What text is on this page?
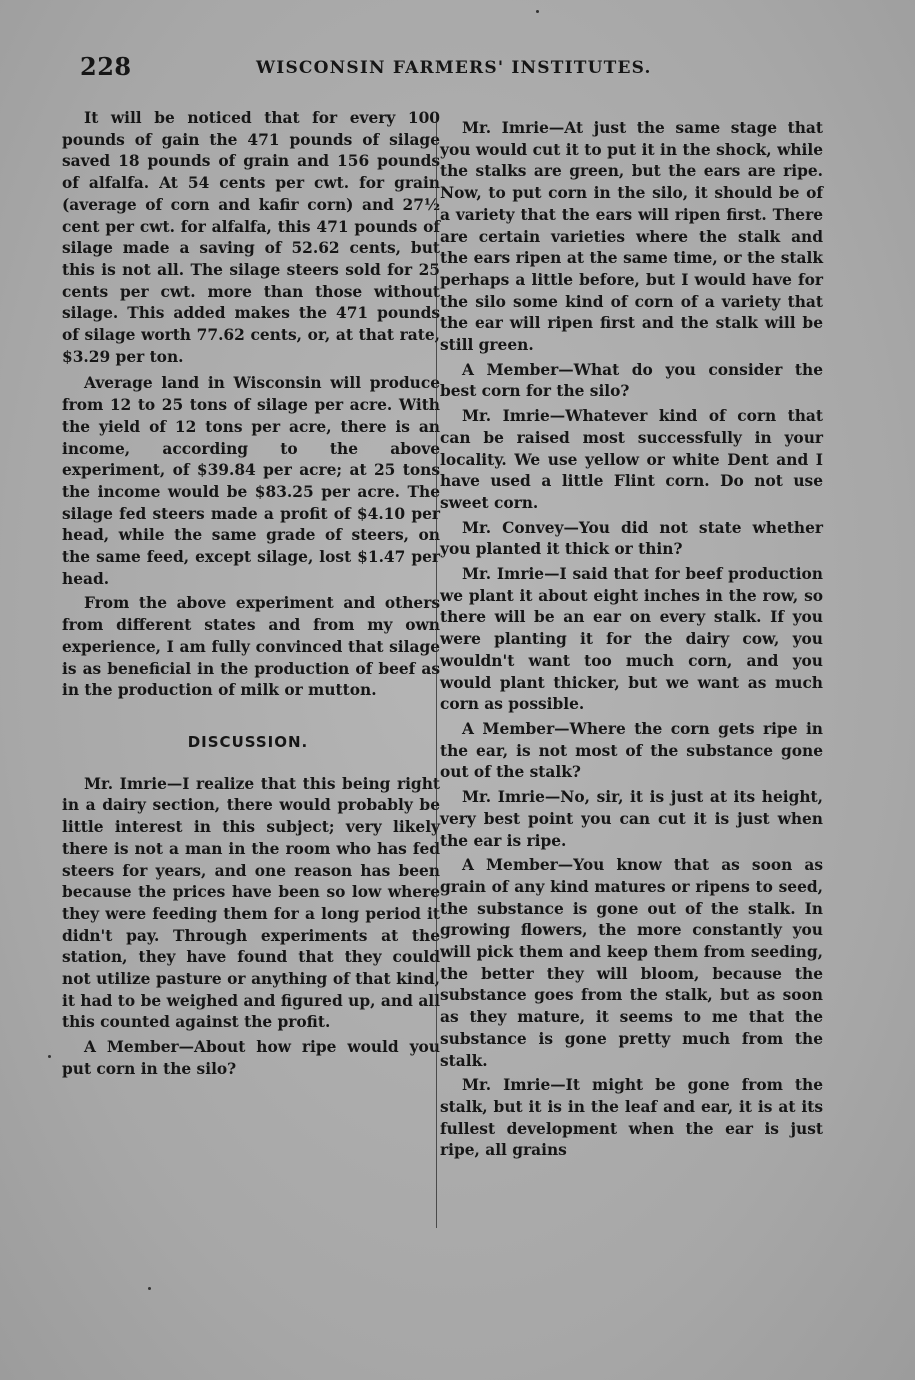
228	WISCONSIN FARMERS' INSTITUTES.

It will be noticed that for every 100 pounds of gain the 471 pounds of silage saved 18 pounds of grain and 156 pounds of alfalfa. At 54 cents per cwt. for grain (average of corn and kafir corn) and 27½ cent per cwt. for alfalfa, this 471 pounds of silage made a saving of 52.62 cents, but this is not all. The silage steers sold for 25 cents per cwt. more than those without silage. This added makes the 471 pounds of silage worth 77.62 cents, or, at that rate, $3.29 per ton.

Average land in Wisconsin will produce from 12 to 25 tons of silage per acre. With the yield of 12 tons per acre, there is an income, according to the above experiment, of $39.84 per acre; at 25 tons the income would be $83.25 per acre. The silage fed steers made a profit of $4.10 per head, while the same grade of steers, on the same feed, except silage, lost $1.47 per head.

From the above experiment and others from different states and from my own experience, I am fully convinced that silage is as beneficial in the production of beef as in the production of milk or mutton.

DISCUSSION.

Mr. Imrie—I realize that this being right in a dairy section, there would probably be little interest in this subject; very likely there is not a man in the room who has fed steers for years, and one reason has been because the prices have been so low where they were feeding them for a long period it didn't pay. Through experiments at the station, they have found that they could not utilize pasture or anything of that kind, it had to be weighed and figured up, and all this counted against the profit.

A Member—About how ripe would you put corn in the silo?

Mr. Imrie—At just the same stage that you would cut it to put it in the shock, while the stalks are green, but the ears are ripe. Now, to put corn in the silo, it should be of a variety that the ears will ripen first. There are certain varieties where the stalk and the ears ripen at the same time, or the stalk perhaps a little before, but I would have for the silo some kind of corn of a variety that the ear will ripen first and the stalk will be still green.

A Member—What do you consider the best corn for the silo?

Mr. Imrie—Whatever kind of corn that can be raised most successfully in your locality. We use yellow or white Dent and I have used a little Flint corn. Do not use sweet corn.

Mr. Convey—You did not state whether you planted it thick or thin?

Mr. Imrie—I said that for beef production we plant it about eight inches in the row, so there will be an ear on every stalk. If you were planting it for the dairy cow, you wouldn't want too much corn, and you would plant thicker, but we want as much corn as possible.

A Member—Where the corn gets ripe in the ear, is not most of the substance gone out of the stalk?

Mr. Imrie—No, sir, it is just at its height, very best point you can cut it is just when the ear is ripe.

A Member—You know that as soon as grain of any kind matures or ripens to seed, the substance is gone out of the stalk. In growing flowers, the more constantly you will pick them and keep them from seeding, the better they will bloom, because the substance goes from the stalk, but as soon as they mature, it seems to me that the substance is gone pretty much from the stalk.

Mr. Imrie—It might be gone from the stalk, but it is in the leaf and ear, it is at its fullest development when the ear is just ripe, all grains
